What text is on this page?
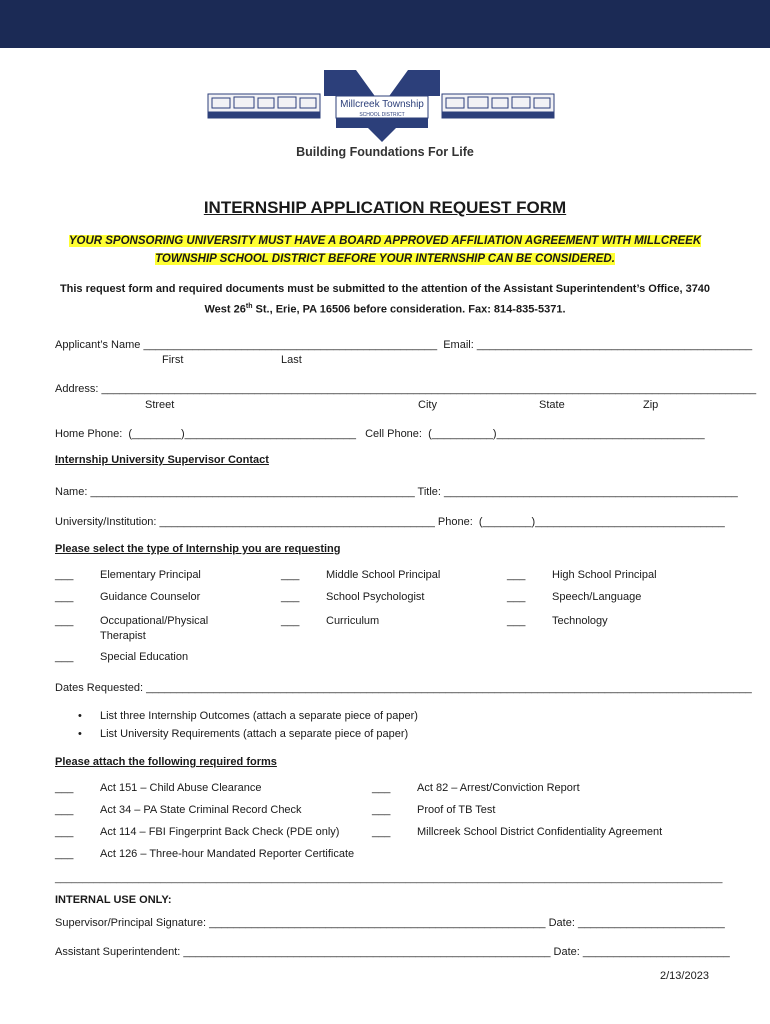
Millcreek Township
SCHOOL DISTRICT
Building Foundations For Life
INTERNSHIP APPLICATION REQUEST FORM
YOUR SPONSORING UNIVERSITY MUST HAVE A BOARD APPROVED AFFILIATION AGREEMENT WITH MILLCREEK
TOWNSHIP SCHOOL DISTRICT BEFORE YOUR INTERNSHIP CAN BE CONSIDERED.
This request form and required documents must be submitted to the attention of the Assistant Superintendent’s Office, 3740
West 26th St., Erie, PA 16506 before consideration. Fax: 814-835-5371.
Applicant’s Name ________________________________________________  Email: _____________________________________________
First	Last
Address: ___________________________________________________________________________________________________________
Street	City	State	Zip
Home Phone:  (________)____________________________   Cell Phone:  (__________)__________________________________
Internship University Supervisor Contact
Name: _____________________________________________________ Title: ________________________________________________
University/Institution: _____________________________________________ Phone:  (________)_______________________________
Please select the type of Internship you are requesting
___ Elementary Principal	___ Middle School Principal	___ High School Principal
___ Guidance Counselor	___ School Psychologist	___ Speech/Language
___ Occupational/Physical
Therapist
___ Curriculum	___ Technology
___ Special Education
Dates Requested: ___________________________________________________________________________________________________
• List three Internship Outcomes (attach a separate piece of paper)
• List University Requirements (attach a separate piece of paper)
Please attach the following required forms
___ Act 151 – Child Abuse Clearance	___ Act 82 – Arrest/Conviction Report
___ Act 34 – PA State Criminal Record Check	___ Proof of TB Test
___ Act 114 – FBI Fingerprint Back Check (PDE only)	___ Millcreek School District Confidentiality Agreement
___ Act 126 – Three-hour Mandated Reporter Certificate
________________________________________________________________________________________________________________________
INTERNAL USE ONLY:
Supervisor/Principal Signature: _______________________________________________________ Date: ________________________
Assistant Superintendent: ____________________________________________________________ Date: ________________________
2/13/2023
